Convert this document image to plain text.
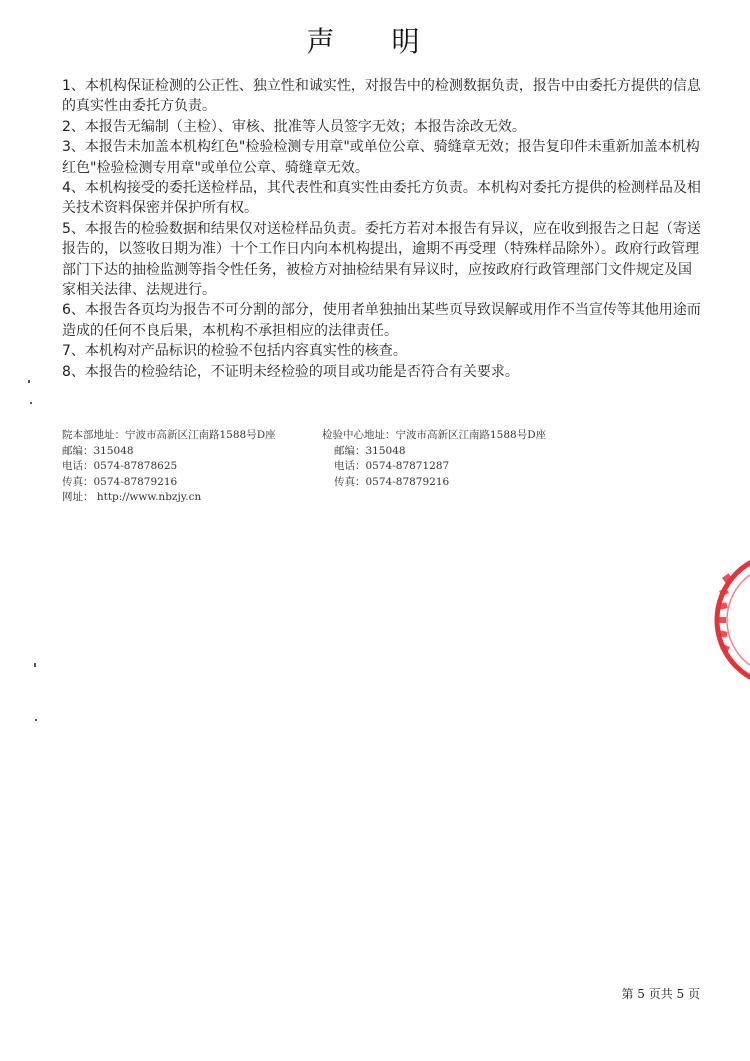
声 明

1、本机构保证检测的公正性、独立性和诚实性，对报告中的检测数据负责，报告中由委托方提供的信息的真实性由委托方负责。

2、本报告无编制（主检）、审核、批准等人员签字无效；本报告涂改无效。

3、本报告未加盖本机构红色"检验检测专用章"或单位公章、骑缝章无效；报告复印件未重新加盖本机构红色"检验检测专用章"或单位公章、骑缝章无效。

4、本机构接受的委托送检样品，其代表性和真实性由委托方负责。本机构对委托方提供的检测样品及相关技术资料保密并保护所有权。

5、本报告的检验数据和结果仅对送检样品负责。委托方若对本报告有异议，应在收到报告之日起（寄送报告的，以签收日期为准）十个工作日内向本机构提出，逾期不再受理（特殊样品除外）。政府行政管理部门下达的抽检监测等指令性任务，被检方对抽检结果有异议时，应按政府行政管理部门文件规定及国家相关法律、法规进行。

6、本报告各页均为报告不可分割的部分，使用者单独抽出某些页导致误解或用作不当宣传等其他用途而造成的任何不良后果，本机构不承担相应的法律责任。

7、本机构对产品标识的检验不包括内容真实性的核查。

8、本报告的检验结论，不证明未经检验的项目或功能是否符合有关要求。

院本部地址：宁波市高新区江南路1588号D座
邮编：315048
电话：0574-87878625
传真：0574-87879216
网址： http://www.nbzjy.cn
检验中心地址：宁波市高新区江南路1588号D座
邮编：315048
电话：0574-87871287
传真：0574-87879216
第 5 页共 5 页
